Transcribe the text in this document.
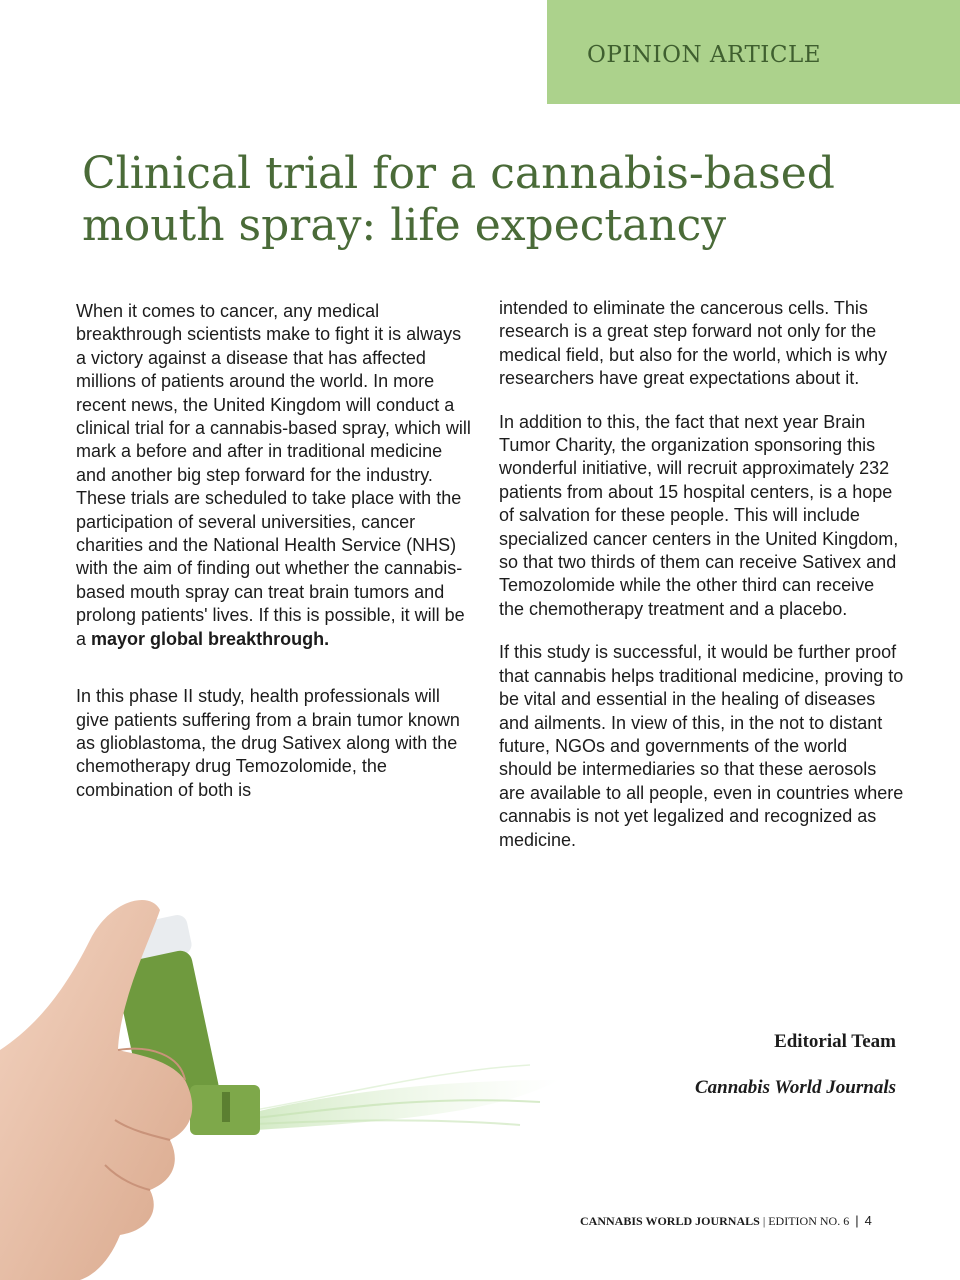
OPINION ARTICLE
Clinical trial for a cannabis-based
mouth spray: life expectancy

When it comes to cancer, any medical breakthrough scientists make to fight it is always a victory against a disease that has affected millions of patients around the world. In more recent news, the United Kingdom will conduct a clinical trial for a cannabis-based spray, which will mark a before and after in traditional medicine and another big step forward for the industry. These trials are scheduled to take place with the participation of several universities, cancer charities and the National Health Service (NHS) with the aim of finding out whether the cannabis-based mouth spray can treat brain tumors and prolong patients' lives. If this is possible, it will be a mayor global breakthrough.

In this phase II study, health professionals will give patients suffering from a brain tumor known as glioblastoma, the drug Sativex along with the chemotherapy drug Temozolomide, the combination of both is

intended to eliminate the cancerous cells. This research is a great step forward not only for the medical field, but also for the world, which is why researchers have great expectations about it.

In addition to this, the fact that next year Brain Tumor Charity, the organization sponsoring this wonderful initiative, will recruit approximately 232 patients from about 15 hospital centers, is a hope of salvation for these people. This will include specialized cancer centers in the United Kingdom, so that two thirds of them can receive Sativex and Temozolomide while the other third can receive the chemotherapy treatment and a placebo.

If this study is successful, it would be further proof that cannabis helps traditional medicine, proving to be vital and essential in the healing of diseases and ailments. In view of this, in the not to distant future, NGOs and governments of the world should be intermediaries so that these aerosols are available to all people, even in countries where cannabis is not yet legalized and recognized as medicine.

Editorial Team
Cannabis World Journals
CANNABIS WORLD JOURNALS | EDITION NO. 6 | 4
